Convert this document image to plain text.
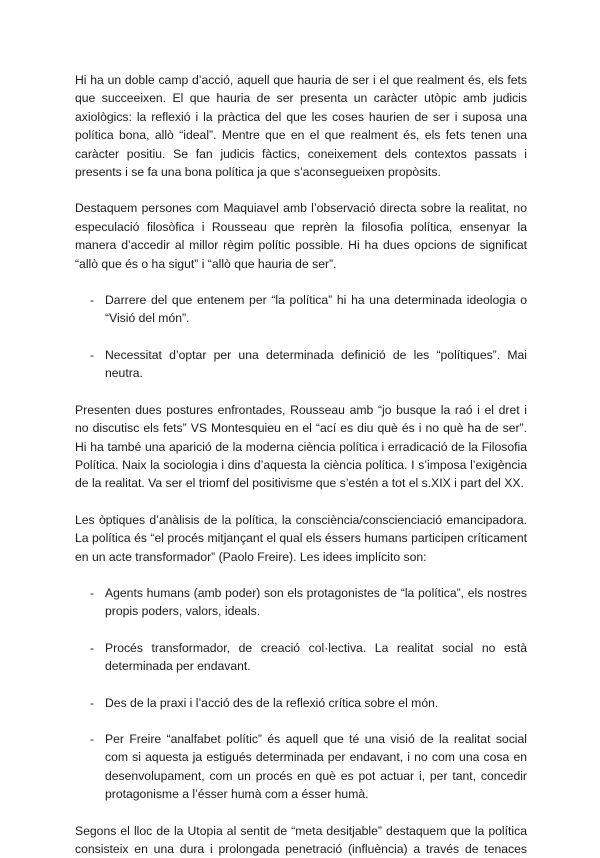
Hi ha un doble camp d’acció, aquell que hauria de ser i el que realment és, els fets que succeeixen. El que hauria de ser presenta un caràcter utòpic amb judicis axiològics: la reflexió i la pràctica del que les coses haurien de ser i suposa una política bona, allò “ideal”. Mentre que en el que realment és, els fets tenen una caràcter positiu. Se fan judicis fàctics, coneixement dels contextos passats i presents i se fa una bona política ja que s’aconsegueixen propòsits.

Destaquem persones com Maquiavel amb l’observació directa sobre la realitat, no especulació filosòfica i Rousseau que reprèn la filosofia política, ensenyar la manera d’accedir al millor règim polític possible. Hi ha dues opcions de significat “allò que és o ha sigut” i “allò que hauria de ser”.

- Darrere del que entenem per “la política” hi ha una determinada ideologia o “Visió del món”.

- Necessitat d’optar per una determinada definició de les “polítiques”. Mai neutra.

Presenten dues postures enfrontades, Rousseau amb “jo busque la raó i el dret i no discutisc els fets” VS Montesquieu en el “ací es diu què és i no què ha de ser”. Hi ha també una aparició de la moderna ciència política i erradicació de la Filosofia Política. Naix la sociologia i dins d’aquesta la ciència política. I s’imposa l’exigència de la realitat. Va ser el triomf del positivisme que s’estén a tot el s.XIX i part del XX.

Les òptiques d’anàlisis de la política, la consciència/conscienciació emancipadora. La política és “el procés mitjançant el qual els éssers humans participen críticament en un acte transformador” (Paolo Freire). Les idees implícito son:

- Agents humans (amb poder) son els protagonistes de “la política”, els nostres propis poders, valors, ideals.

- Procés transformador, de creació col·lectiva. La realitat social no està determinada per endavant.

- Des de la praxi i l’acció des de la reflexió crítica sobre el món.

- Per Freire “analfabet polític” és aquell que té una visió de la realitat social com si aquesta ja estigués determinada per endavant, i no com una cosa en desenvolupament, com un procés en què es pot actuar i, per tant, concedir protagonisme a l’ésser humà com a ésser humà.

Segons el lloc de la Utopia al sentit de “meta desitjable” destaquem que la política consisteix en una dura i prolongada penetració (influència) a través de tenaces
